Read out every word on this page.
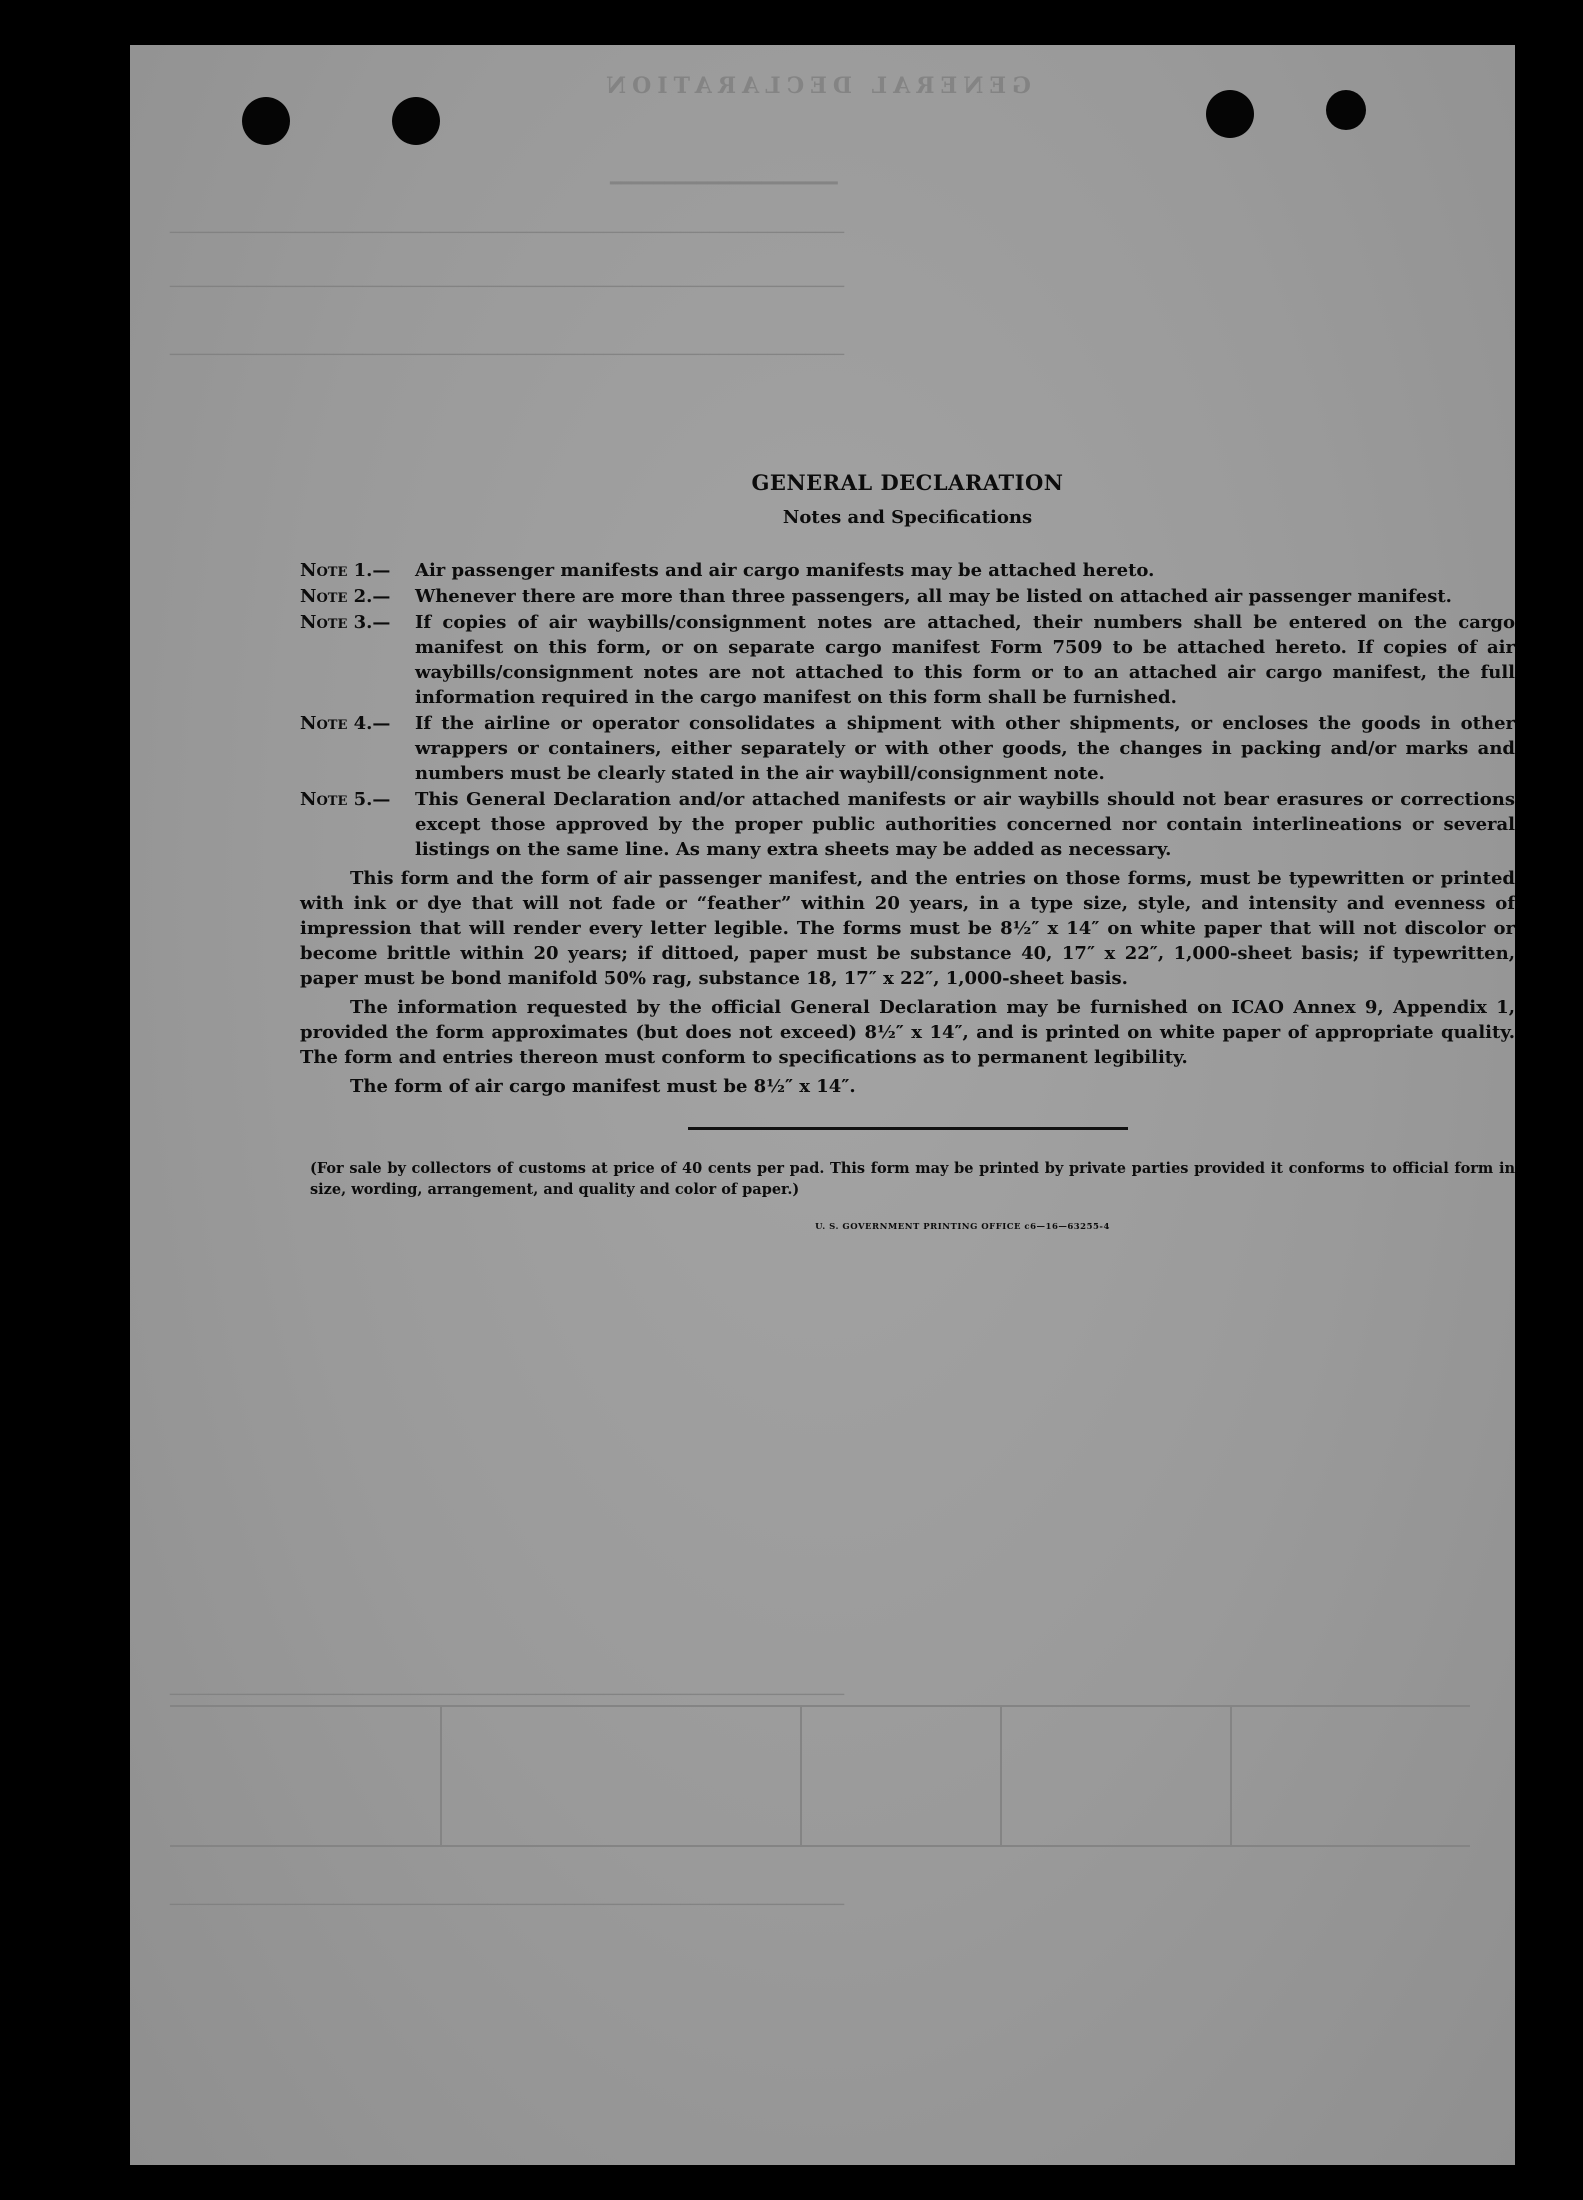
GENERAL DECLARATION
━━━━━━━━━━━━━━━━━━━━━
──────────────────────────────────────────────────────────────────────
──────────────────────────────────────────────────────────────────────
──────────────────────────────────────────────────────────────────────
──────────────────────────────────────────────────────────────────────
──────────────────────────────────────────────────────────────────────
GENERAL DECLARATION
Notes and Specifications
Note 1.—	Air passenger manifests and air cargo manifests may be attached hereto.
Note 2.—	Whenever there are more than three passengers, all may be listed on attached air passenger manifest.
Note 3.—	If copies of air waybills/consignment notes are attached, their numbers shall be entered on the cargo manifest on this form, or on separate cargo manifest Form 7509 to be attached hereto. If copies of air waybills/consignment notes are not attached to this form or to an attached air cargo manifest, the full information required in the cargo manifest on this form shall be furnished.
Note 4.—	If the airline or operator consolidates a shipment with other shipments, or encloses the goods in other wrappers or containers, either separately or with other goods, the changes in packing and/or marks and numbers must be clearly stated in the air waybill/consignment note.
Note 5.—	This General Declaration and/or attached manifests or air waybills should not bear erasures or corrections except those approved by the proper public authorities concerned nor contain interlineations or several listings on the same line. As many extra sheets may be added as necessary.

This form and the form of air passenger manifest, and the entries on those forms, must be typewritten or printed with ink or dye that will not fade or “feather” within 20 years, in a type size, style, and intensity and evenness of impression that will render every letter legible. The forms must be 8½″ x 14″ on white paper that will not discolor or become brittle within 20 years; if dittoed, paper must be substance 40, 17″ x 22″, 1,000-sheet basis; if typewritten, paper must be bond manifold 50% rag, substance 18, 17″ x 22″, 1,000-sheet basis.

The information requested by the official General Declaration may be furnished on ICAO Annex 9, Appendix 1, provided the form approximates (but does not exceed) 8½″ x 14″, and is printed on white paper of appropriate quality. The form and entries thereon must conform to specifications as to permanent legibility.

The form of air cargo manifest must be 8½″ x 14″.

(For sale by collectors of customs at price of 40 cents per pad. This form may be printed by private parties provided it conforms to official form in size, wording, arrangement, and quality and color of paper.)
U. S. GOVERNMENT PRINTING OFFICE c6—16—63255-4
